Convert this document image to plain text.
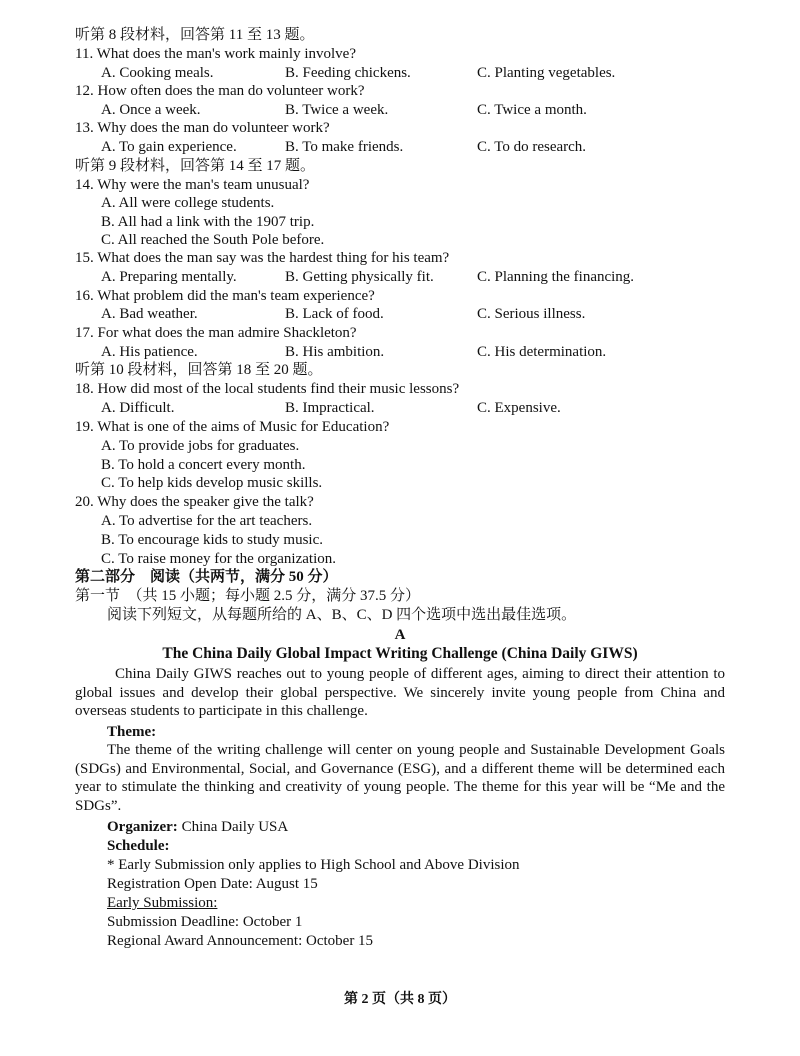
听第 8 段材料，回答第 11 至 13 题。
11. What does the man's work mainly involve?
A. Cooking meals.	B. Feeding chickens.	C. Planting vegetables.
12. How often does the man do volunteer work?
A. Once a week.	B. Twice a week.	C. Twice a month.
13. Why does the man do volunteer work?
A. To gain experience.	B. To make friends.	C. To do research.
听第 9 段材料，回答第 14 至 17 题。
14. Why were the man's team unusual?
A. All were college students.
B. All had a link with the 1907 trip.
C. All reached the South Pole before.
15. What does the man say was the hardest thing for his team?
A. Preparing mentally.	B. Getting physically fit.	C. Planning the financing.
16. What problem did the man's team experience?
A. Bad weather.	B. Lack of food.	C. Serious illness.
17. For what does the man admire Shackleton?
A. His patience.	B. His ambition.	C. His determination.
听第 10 段材料，回答第 18 至 20 题。
18. How did most of the local students find their music lessons?
A. Difficult.	B. Impractical.	C. Expensive.
19. What is one of the aims of Music for Education?
A. To provide jobs for graduates.
B. To hold a concert every month.
C. To help kids develop music skills.
20. Why does the speaker give the talk?
A. To advertise for the art teachers.
B. To encourage kids to study music.
C. To raise money for the organization.
第二部分　阅读（共两节，满分 50 分）
第一节　（共 15 小题；每小题 2.5 分，满分 37.5 分）
阅读下列短文，从每题所给的 A、B、C、D 四个选项中选出最佳选项。
A
The China Daily Global Impact Writing Challenge (China Daily GIWS)
China Daily GIWS reaches out to young people of different ages, aiming to direct their attention to global issues and develop their global perspective. We sincerely invite young people from China and overseas students to participate in this challenge.
Theme:
The theme of the writing challenge will center on young people and Sustainable Development Goals (SDGs) and Environmental, Social, and Governance (ESG), and a different theme will be determined each year to stimulate the thinking and creativity of young people. The theme for this year will be “Me and the SDGs”.
Organizer: China Daily USA
Schedule:
* Early Submission only applies to High School and Above Division
Registration Open Date: August 15
Early Submission:
Submission Deadline: October 1
Regional Award Announcement: October 15
第 2 页（共 8 页）
